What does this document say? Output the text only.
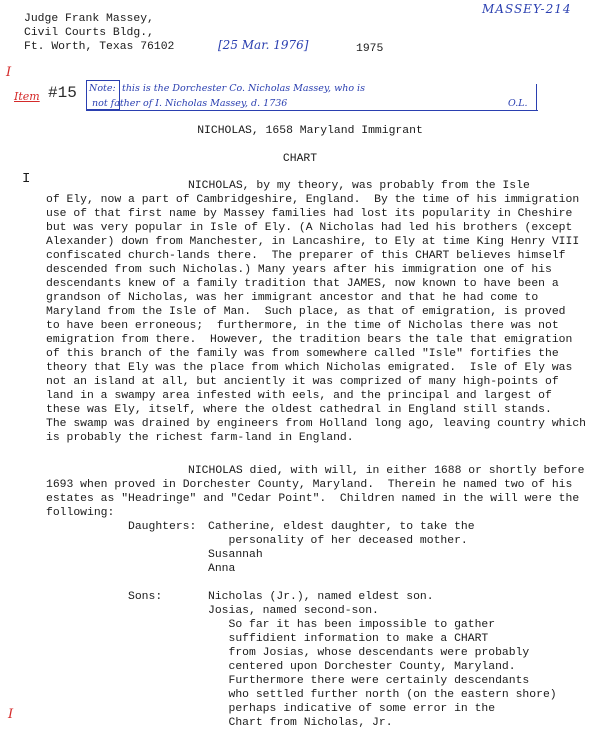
Judge Frank Massey,
Civil Courts Bldg.,
Ft. Worth, Texas 76102	[25 Mar. 1976]	1975
MASSEY-214
I
Item #15

Note:

this is the Dorchester Co. Nicholas Massey, who is
not father of I. Nicholas Massey, d. 1736	O.L.
NICHOLAS, 1658 Maryland Immigrant
CHART
I	NICHOLAS, by my theory, was probably from the Isle
of Ely, now a part of Cambridgeshire, England.  By the time of his immigration
use of that first name by Massey families had lost its popularity in Cheshire
but was very popular in Isle of Ely. (A Nicholas had led his brothers (except
Alexander) down from Manchester, in Lancashire, to Ely at time King Henry VIII
confiscated church-lands there.  The preparer of this CHART believes himself
descended from such Nicholas.) Many years after his immigration one of his
descendants knew of a family tradition that JAMES, now known to have been a
grandson of Nicholas, was her immigrant ancestor and that he had come to
Maryland from the Isle of Man.  Such place, as that of emigration, is proved
to have been erroneous;  furthermore, in the time of Nicholas there was not
emigration from there.  However, the tradition bears the tale that emigration
of this branch of the family was from somewhere called "Isle" fortifies the
theory that Ely was the place from which Nicholas emigrated.  Isle of Ely was
not an island at all, but anciently it was comprized of many high-points of
land in a swampy area infested with eels, and the principal and largest of
these was Ely, itself, where the oldest cathedral in England still stands.
The swamp was drained by engineers from Holland long ago, leaving country which
is probably the richest farm-land in England.
NICHOLAS died, with will, in either 1688 or shortly before
1693 when proved in Dorchester County, Maryland.  Therein he named two of his
estates as "Headringe" and "Cedar Point".  Children named in the will were the
following:
Daughters: Catherine, eldest daughter, to take the
personality of her deceased mother.
Susannah
Anna
Sons:	Nicholas (Jr.), named eldest son.
Josias, named second-son.
So far it has been impossible to gather
suffidient information to make a CHART
from Josias, whose descendants were probably
centered upon Dorchester County, Maryland.
Furthermore there were certainly descendants
who settled further north (on the eastern shore)
perhaps indicative of some error in the
Chart from Nicholas, Jr.
I
